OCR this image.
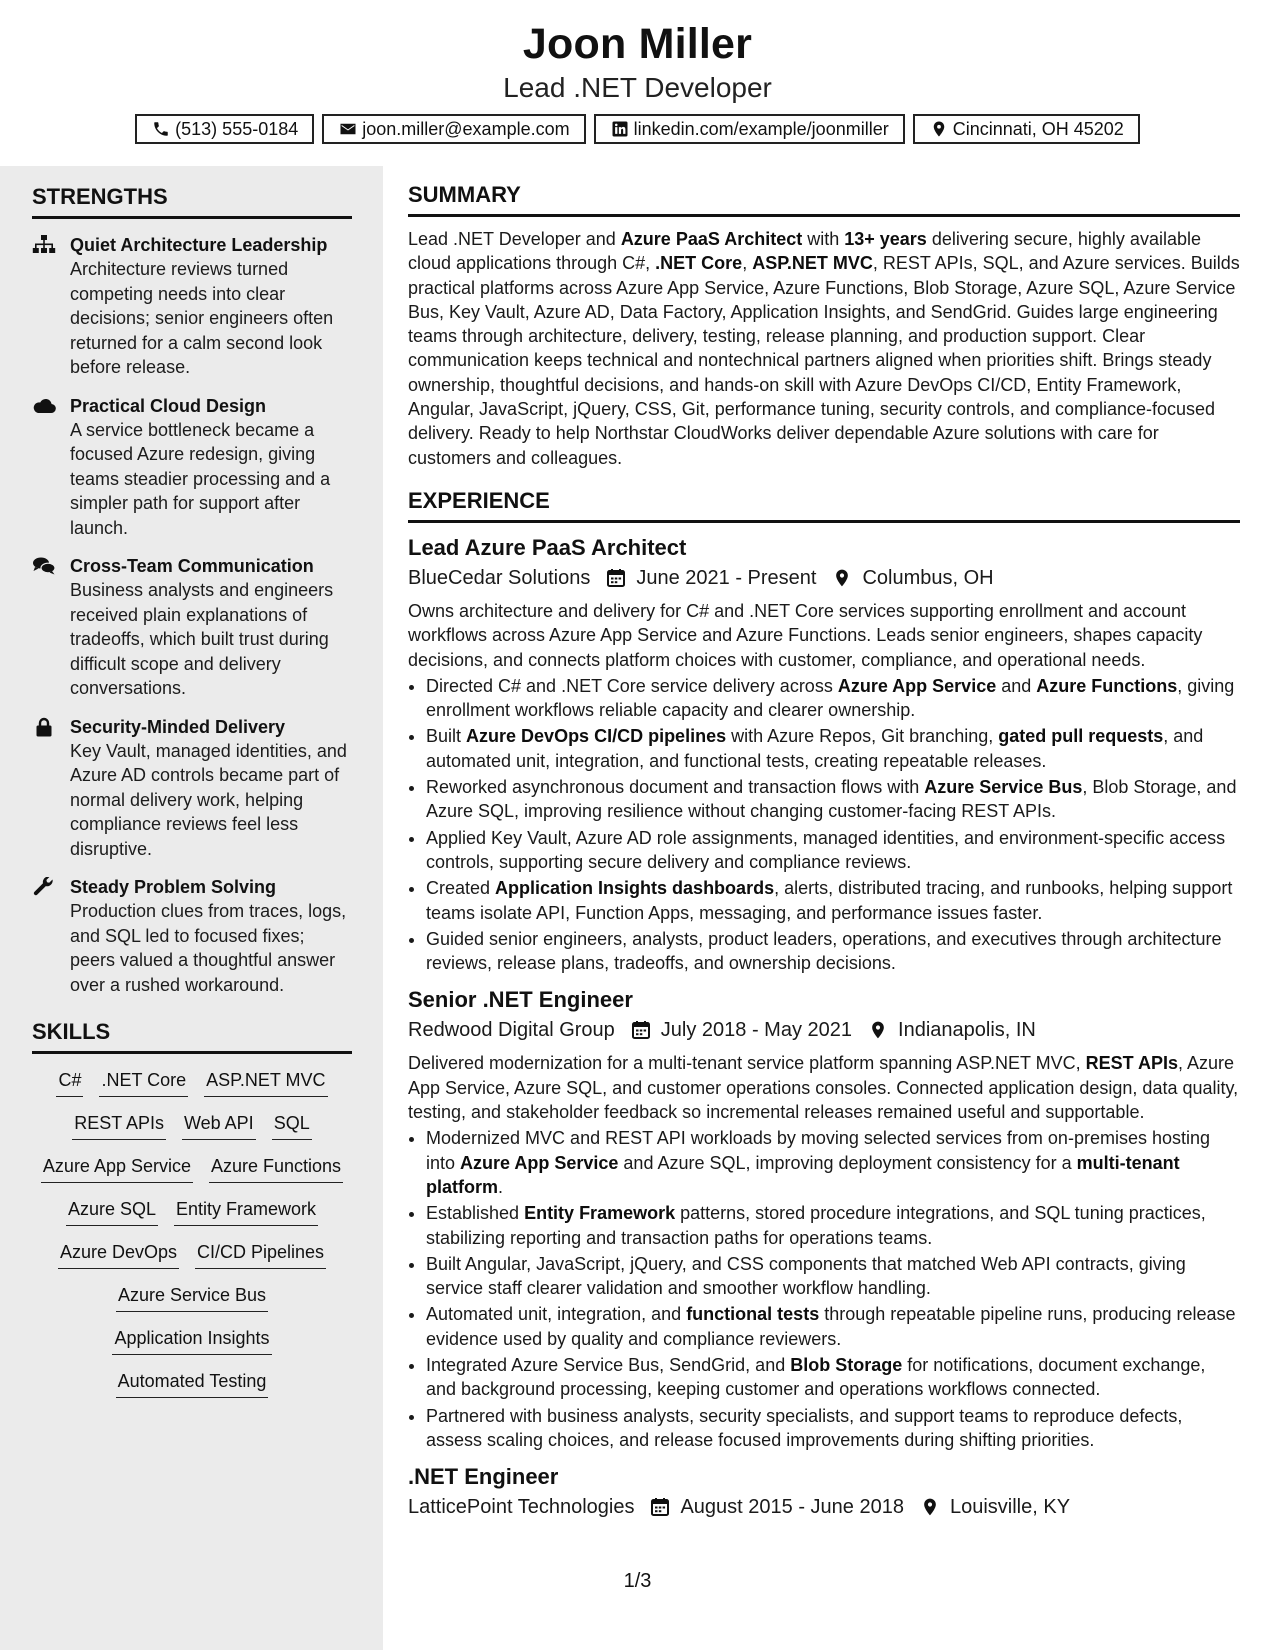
Joon Miller
Lead .NET Developer
(513) 555-0184	joon.miller@example.com	linkedin.com/example/joonmiller	Cincinnati, OH 45202
STRENGTHS
Quiet Architecture Leadership
Architecture reviews turned competing needs into clear decisions; senior engineers often returned for a calm second look before release.
Practical Cloud Design
A service bottleneck became a focused Azure redesign, giving teams steadier processing and a simpler path for support after launch.
Cross-Team Communication
Business analysts and engineers received plain explanations of tradeoffs, which built trust during difficult scope and delivery conversations.
Security-Minded Delivery
Key Vault, managed identities, and Azure AD controls became part of normal delivery work, helping compliance reviews feel less disruptive.
Steady Problem Solving
Production clues from traces, logs, and SQL led to focused fixes; peers valued a thoughtful answer over a rushed workaround.
SKILLS
C# .NET Core ASP.NET MVC
REST APIs Web API SQL
Azure App Service Azure Functions
Azure SQL Entity Framework
Azure DevOps CI/CD Pipelines
Azure Service Bus
Application Insights
Automated Testing
SUMMARY

Lead .NET Developer and Azure PaaS Architect with 13+ years delivering secure, highly available cloud applications through C#, .NET Core, ASP.NET MVC, REST APIs, SQL, and Azure services. Builds practical platforms across Azure App Service, Azure Functions, Blob Storage, Azure SQL, Azure Service Bus, Key Vault, Azure AD, Data Factory, Application Insights, and SendGrid. Guides large engineering teams through architecture, delivery, testing, release planning, and production support. Clear communication keeps technical and nontechnical partners aligned when priorities shift. Brings steady ownership, thoughtful decisions, and hands-on skill with Azure DevOps CI/CD, Entity Framework, Angular, JavaScript, jQuery, CSS, Git, performance tuning, security controls, and compliance-focused delivery. Ready to help Northstar CloudWorks deliver dependable Azure solutions with care for customers and colleagues.

EXPERIENCE
Lead Azure PaaS Architect
BlueCedar Solutions June 2021 - Present Columbus, OH

Owns architecture and delivery for C# and .NET Core services supporting enrollment and account workflows across Azure App Service and Azure Functions. Leads senior engineers, shapes capacity decisions, and connects platform choices with customer, compliance, and operational needs.

• Directed C# and .NET Core service delivery across Azure App Service and Azure Functions, giving enrollment workflows reliable capacity and clearer ownership.
• Built Azure DevOps CI/CD pipelines with Azure Repos, Git branching, gated pull requests, and automated unit, integration, and functional tests, creating repeatable releases.
• Reworked asynchronous document and transaction flows with Azure Service Bus, Blob Storage, and Azure SQL, improving resilience without changing customer-facing REST APIs.
• Applied Key Vault, Azure AD role assignments, managed identities, and environment-specific access controls, supporting secure delivery and compliance reviews.
• Created Application Insights dashboards, alerts, distributed tracing, and runbooks, helping support teams isolate API, Function Apps, messaging, and performance issues faster.
• Guided senior engineers, analysts, product leaders, operations, and executives through architecture reviews, release plans, tradeoffs, and ownership decisions.
Senior .NET Engineer
Redwood Digital Group July 2018 - May 2021 Indianapolis, IN

Delivered modernization for a multi-tenant service platform spanning ASP.NET MVC, REST APIs, Azure App Service, Azure SQL, and customer operations consoles. Connected application design, data quality, testing, and stakeholder feedback so incremental releases remained useful and supportable.

• Modernized MVC and REST API workloads by moving selected services from on-premises hosting into Azure App Service and Azure SQL, improving deployment consistency for a multi-tenant platform.
• Established Entity Framework patterns, stored procedure integrations, and SQL tuning practices, stabilizing reporting and transaction paths for operations teams.
• Built Angular, JavaScript, jQuery, and CSS components that matched Web API contracts, giving service staff clearer validation and smoother workflow handling.
• Automated unit, integration, and functional tests through repeatable pipeline runs, producing release evidence used by quality and compliance reviewers.
• Integrated Azure Service Bus, SendGrid, and Blob Storage for notifications, document exchange, and background processing, keeping customer and operations workflows connected.
• Partnered with business analysts, security specialists, and support teams to reproduce defects, assess scaling choices, and release focused improvements during shifting priorities.
.NET Engineer
LatticePoint Technologies August 2015 - June 2018 Louisville, KY
1/3
